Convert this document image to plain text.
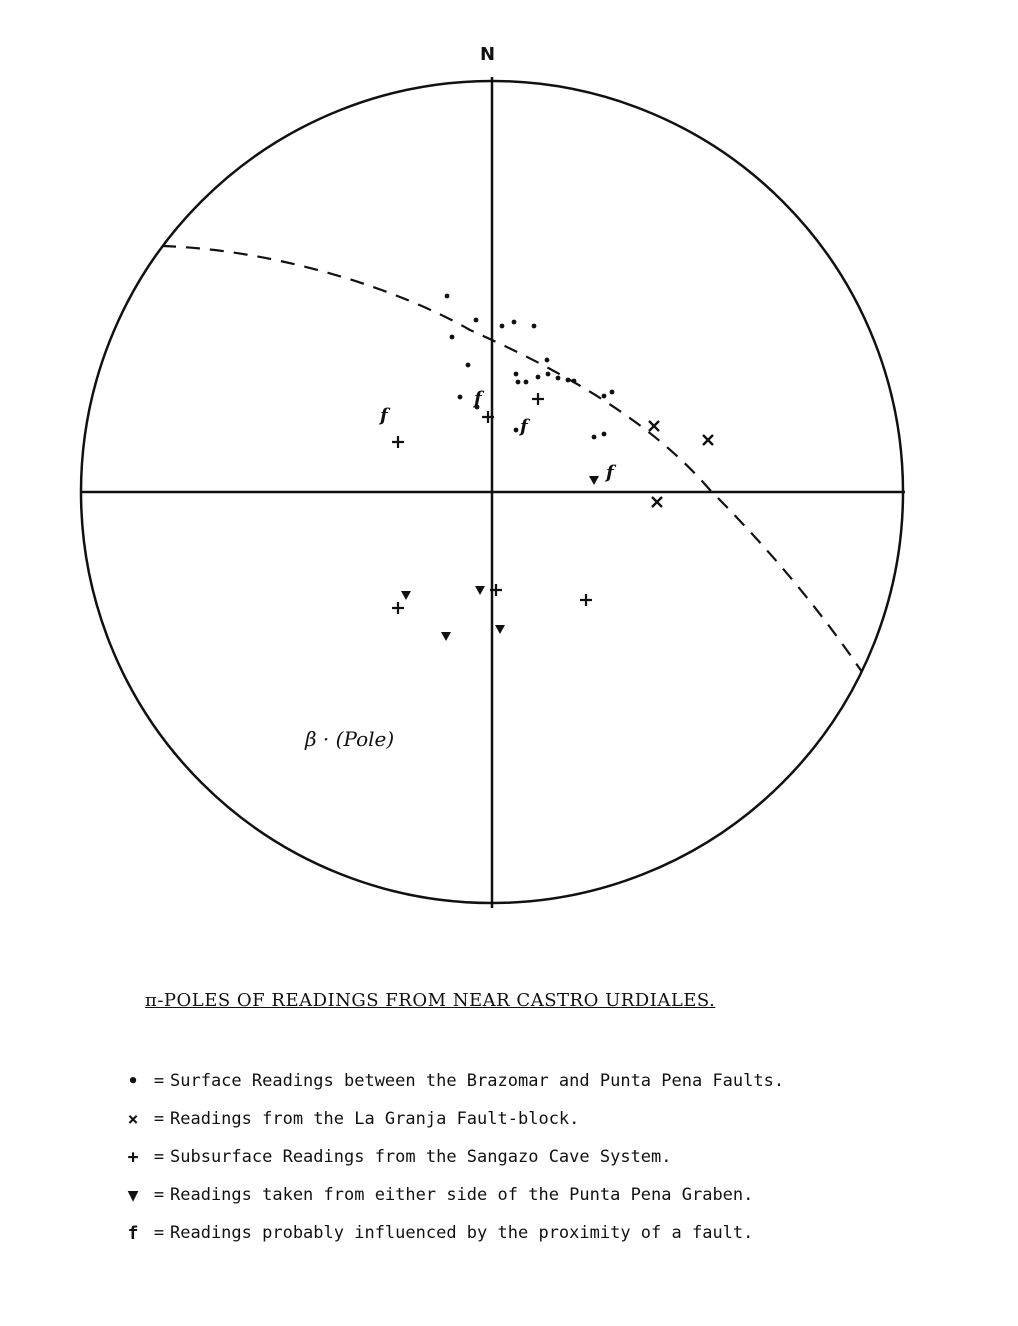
f
f
f
f
N
β · (Pole)
π-POLES OF READINGS FROM NEAR CASTRO URDIALES.
• = Surface Readings between the Brazomar and Punta Pena Faults.
× = Readings from the La Granja Fault-block.
+ = Subsurface Readings from the Sangazo Cave System.
▼ = Readings taken from either side of the Punta Pena Graben.
f = Readings probably influenced by the proximity of a fault.
